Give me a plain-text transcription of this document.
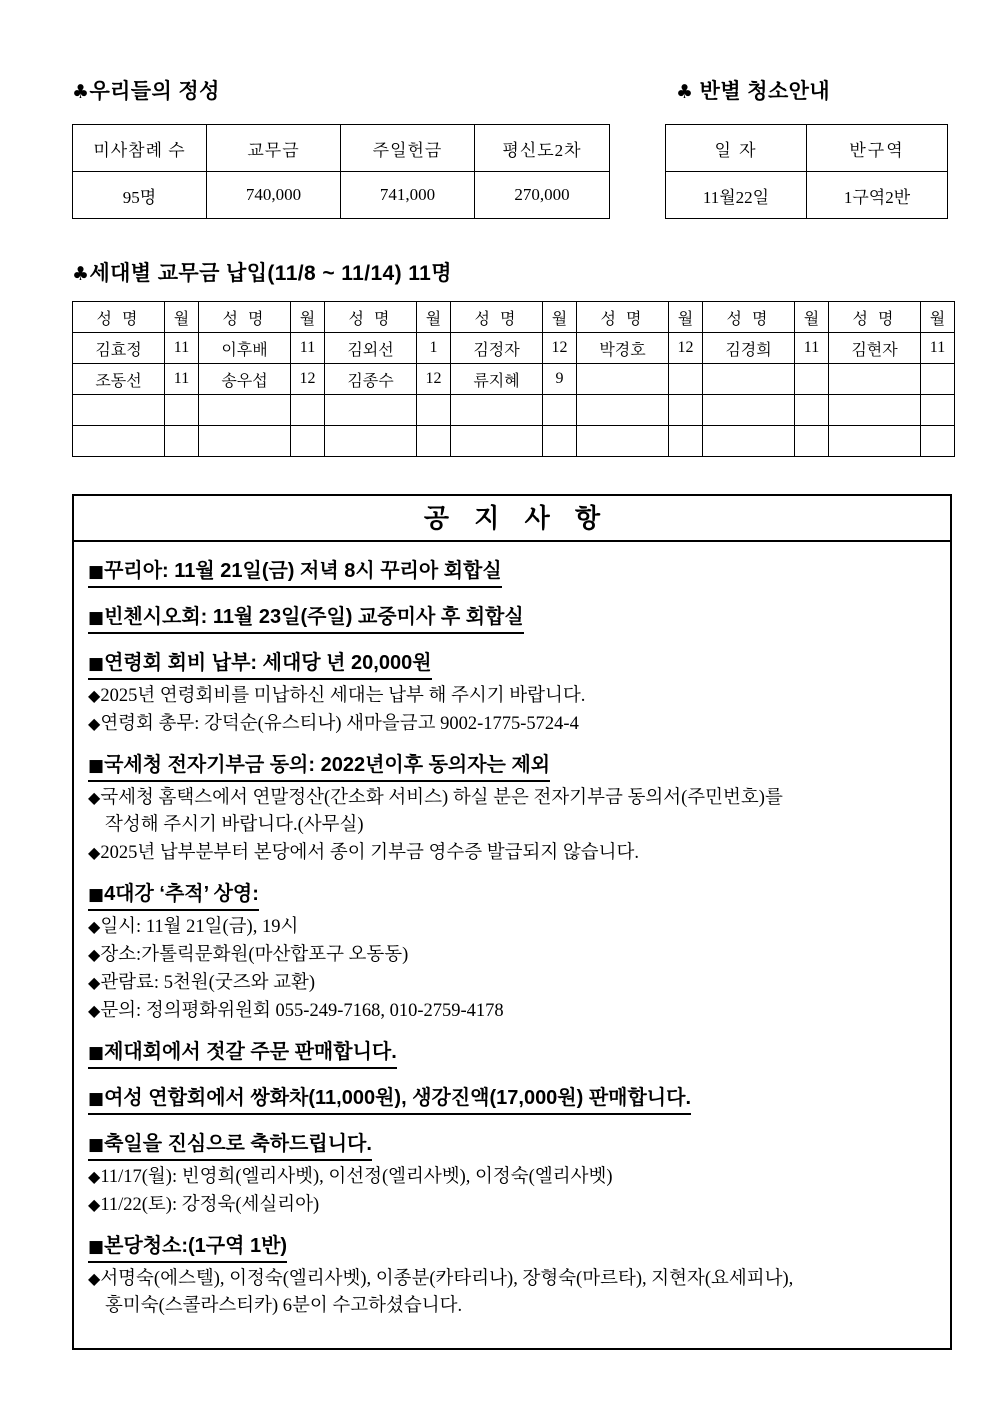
♣우리들의 정성	♣ 반별 청소안내
미사참례 수	교무금	주일헌금	평신도2차
95명	740,000	741,000	270,000
일 자	반구역
11월22일	1구역2반
♣세대별 교무금 납입(11/8 ~ 11/14) 11명
성 명	월	성 명	월	성 명	월	성 명	월	성 명	월	성 명	월	성 명	월
김효정	11	이후배	11	김외선	1	김정자	12	박경호	12	김경희	11	김현자	11
조동선	11	송우섭	12	김종수	12	류지혜	9						

공 지 사 항
■꾸리아: 11월 21일(금) 저녁 8시 꾸리아 회합실
■빈첸시오회: 11월 23일(주일) 교중미사 후 회합실
■연령회 회비 납부: 세대당 년 20,000원
◆2025년 연령회비를 미납하신 세대는 납부 해 주시기 바랍니다.
◆연령회 총무: 강덕순(유스티나) 새마을금고 9002-1775-5724-4
■국세청 전자기부금 동의: 2022년이후 동의자는 제외
◆국세청 홈택스에서 연말정산(간소화 서비스) 하실 분은 전자기부금 동의서(주민번호)를
작성해 주시기 바랍니다.(사무실)
◆2025년 납부분부터 본당에서 종이 기부금 영수증 발급되지 않습니다.
■4대강 ‘추적’ 상영:
◆일시: 11월 21일(금), 19시
◆장소:가톨릭문화원(마산합포구 오동동)
◆관람료: 5천원(굿즈와 교환)
◆문의: 정의평화위원회 055-249-7168, 010-2759-4178
■제대회에서 젓갈 주문 판매합니다.
■여성 연합회에서 쌍화차(11,000원), 생강진액(17,000원) 판매합니다.
■축일을 진심으로 축하드립니다.
◆11/17(월): 빈영희(엘리사벳), 이선정(엘리사벳), 이정숙(엘리사벳)
◆11/22(토): 강정욱(세실리아)
■본당청소:(1구역 1반)
◆서명숙(에스텔), 이정숙(엘리사벳), 이종분(카타리나), 장형숙(마르타), 지현자(요세피나),
홍미숙(스콜라스티카) 6분이 수고하셨습니다.
